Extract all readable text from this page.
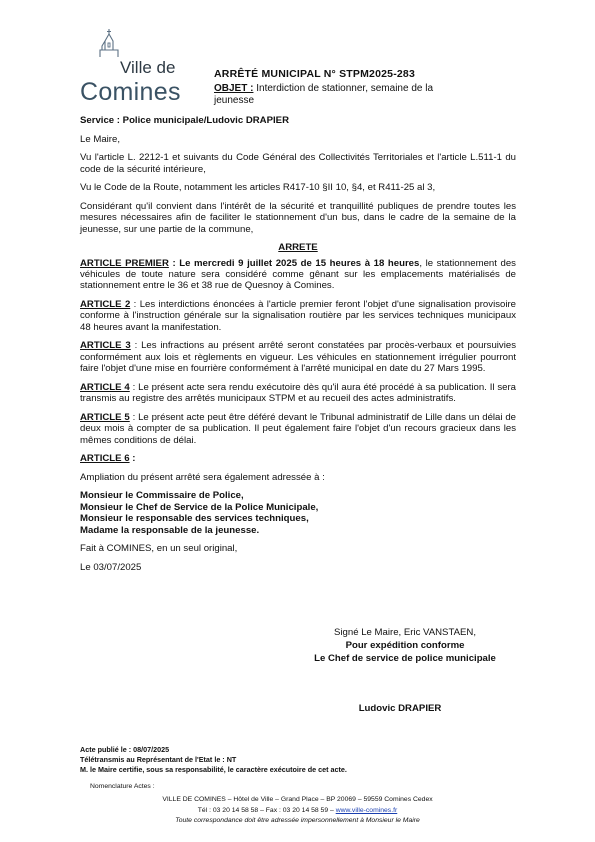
Ville de
Comines
ARRÊTÉ MUNICIPAL N° STPM2025-283
OBJET : Interdiction de stationner, semaine de la jeunesse

Service : Police municipale/Ludovic DRAPIER

Le Maire,

Vu l'article L. 2212-1 et suivants du Code Général des Collectivités Territoriales et l'article L.511-1 du code de la sécurité intérieure,

Vu le Code de la Route, notamment les articles R417-10 §II 10, §4, et R411-25 al 3,

Considérant qu'il convient dans l'intérêt de la sécurité et tranquillité publiques de prendre toutes les mesures nécessaires afin de faciliter le stationnement d'un bus, dans le cadre de la semaine de la jeunesse, sur une partie de la commune,

ARRETE

ARTICLE PREMIER : Le mercredi 9 juillet 2025 de 15 heures à 18 heures, le stationnement des véhicules de toute nature sera considéré comme gênant sur les emplacements matérialisés de stationnement entre le 36 et 38 rue de Quesnoy à Comines.

ARTICLE 2 : Les interdictions énoncées à l'article premier feront l'objet d'une signalisation provisoire conforme à l'instruction générale sur la signalisation routière par les services techniques municipaux 48 heures avant la manifestation.

ARTICLE 3 : Les infractions au présent arrêté seront constatées par procès-verbaux et poursuivies conformément aux lois et règlements en vigueur. Les véhicules en stationnement irrégulier pourront faire l'objet d'une mise en fourrière conformément à l'arrêté municipal en date du 27 Mars 1995.

ARTICLE 4 : Le présent acte sera rendu exécutoire dès qu'il aura été procédé à sa publication. Il sera transmis au registre des arrêtés municipaux STPM et au recueil des actes administratifs.

ARTICLE 5 : Le présent acte peut être déféré devant le Tribunal administratif de Lille dans un délai de deux mois à compter de sa publication. Il peut également faire l'objet d'un recours gracieux dans les mêmes conditions de délai.

ARTICLE 6 :

Ampliation du présent arrêté sera également adressée à :

Monsieur le Commissaire de Police,
Monsieur le Chef de Service de la Police Municipale,
Monsieur le responsable des services techniques,
Madame la responsable de la jeunesse.

Fait à COMINES, en un seul original,

Le 03/07/2025

Signé Le Maire, Eric VANSTAEN,
Pour expédition conforme
Le Chef de service de police municipale
Ludovic DRAPIER
Acte publié le : 08/07/2025
Télétransmis au Représentant de l'Etat le : NT
M. le Maire certifie, sous sa responsabilité, le caractère exécutoire de cet acte.
Nomenclature Actes :
VILLE DE COMINES – Hôtel de Ville – Grand Place – BP 20069 – 59559 Comines Cedex
Tél : 03 20 14 58 58 – Fax : 03 20 14 58 59 – www.ville-comines.fr
Toute correspondance doit être adressée impersonnellement à Monsieur le Maire
